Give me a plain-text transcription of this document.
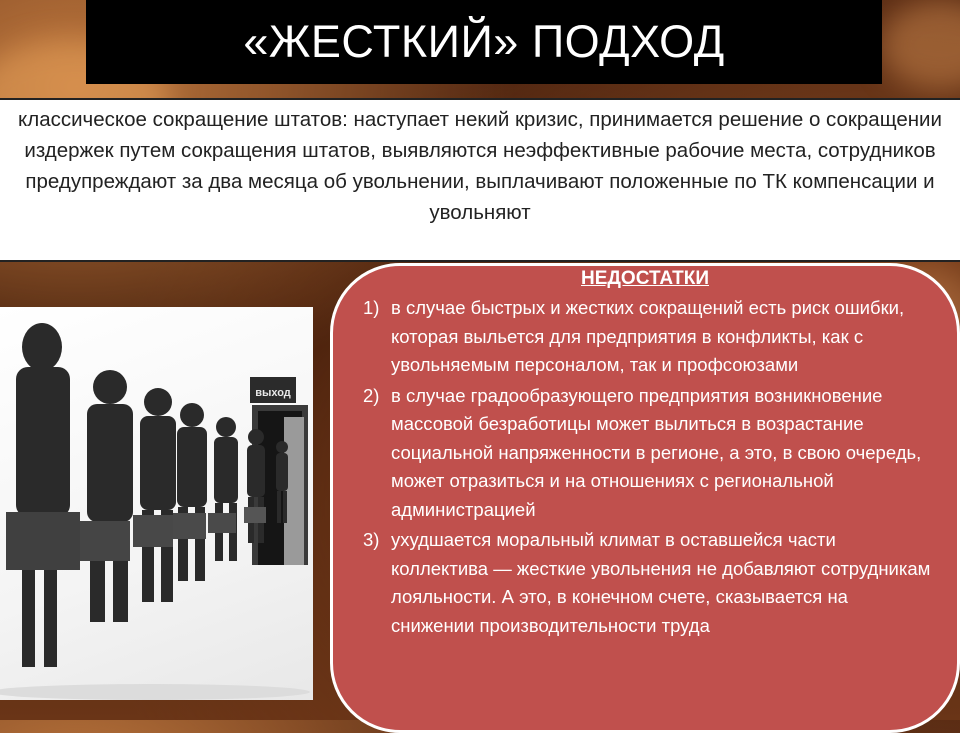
«ЖЕСТКИЙ» ПОДХОД

классическое сокращение штатов: наступает некий кризис, принимается решение о сокращении издержек путем сокращения штатов, выявляются неэффективные рабочие места, сотрудников предупреждают за два месяца об увольнении, выплачивают положенные по ТК компенсации и увольняют

выход
НЕДОСТАТКИ
1) в случае быстрых и жестких сокращений есть риск ошибки, которая выльется для предприятия в конфликты, как с увольняемым персоналом, так и профсоюзами
2) в случае градообразующего предприятия возникновение массовой безработицы может вылиться в возрастание социальной напряженности в регионе, а это, в свою очередь, может отразиться и на отношениях с региональной администрацией
3) ухудшается моральный климат в оставшейся части коллектива — жесткие увольнения не добавляют сотрудникам лояльности. А это, в конечном счете, сказывается на снижении производительности труда
